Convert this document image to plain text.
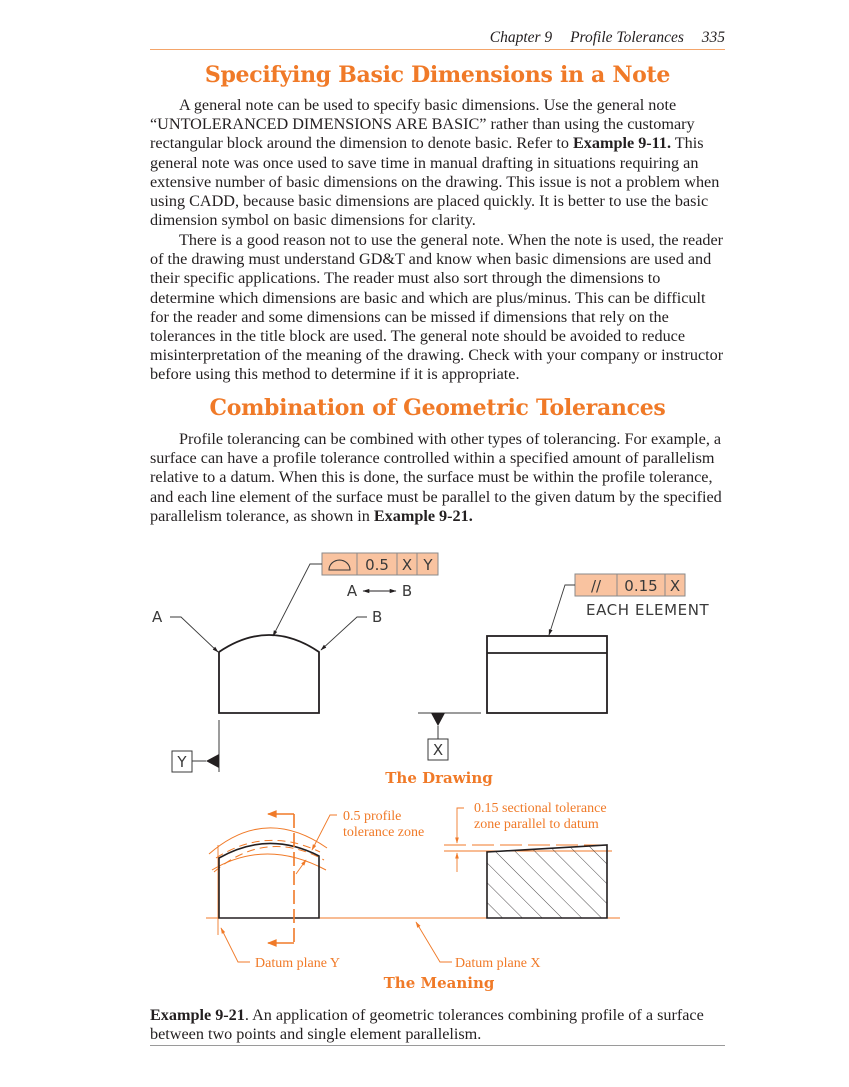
Chapter 9 Profile Tolerances 335
Specifying Basic Dimensions in a Note

A general note can be used to specify basic dimensions. Use the general note “UNTOLERANCED DIMENSIONS ARE BASIC” rather than using the customary rectangular block around the dimension to denote basic. Refer to Example 9-11. This general note was once used to save time in manual drafting in situations requiring an extensive number of basic dimensions on the drawing. This issue is not a problem when using CADD, because basic dimensions are placed quickly. It is better to use the basic dimension symbol on basic dimensions for clarity.

There is a good reason not to use the general note. When the note is used, the reader of the drawing must understand GD&T and know when basic dimensions are used and their specific applications. The reader must also sort through the dimensions to determine which dimensions are basic and which are plus/minus. This can be difficult for the reader and some dimensions can be missed if dimensions that rely on the tolerances in the title block are used. The general note should be avoided to reduce misinterpretation of the meaning of the drawing. Check with your company or instructor before using this method to determine if it is appropriate.

Combination of Geometric Tolerances

Profile tolerancing can be combined with other types of tolerancing. For example, a surface can have a profile tolerance controlled within a specified amount of parallelism relative to a datum. When this is done, the surface must be within the profile tolerance, and each line element of the surface must be parallel to the given datum by the specified parallelism tolerance, as shown in Example 9-21.

0.5 X Y
A	B
A	B
Y
// 0.15 X
EACH ELEMENT
X
The Drawing
0.5 profile
tolerance zone
Datum plane Y
0.15 sectional tolerance
zone parallel to datum
Datum plane X
The Meaning

Example 9-21. An application of geometric tolerances combining profile of a surface between two points and single element parallelism.
